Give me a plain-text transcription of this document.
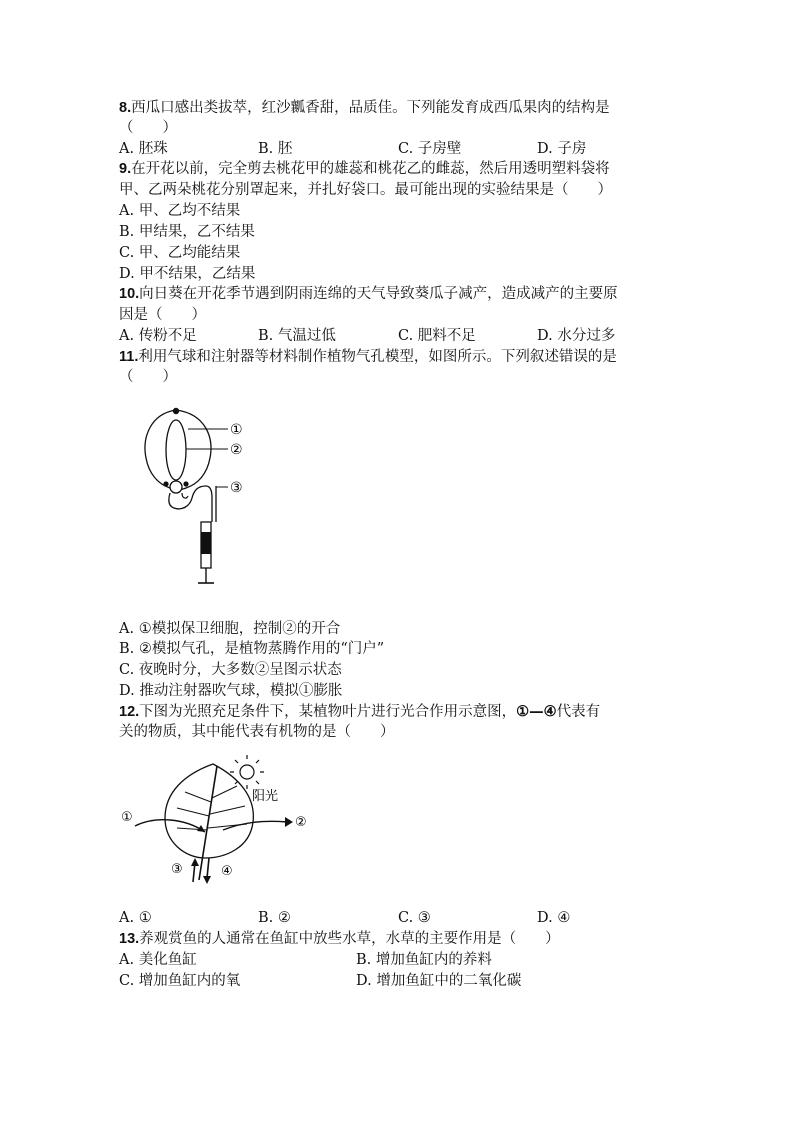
8.西瓜口感出类拔萃，红沙瓤香甜，品质佳。下列能发育成西瓜果肉的结构是
（　　）
A. 胚珠	B. 胚	C. 子房壁	D. 子房
9.在开花以前，完全剪去桃花甲的雄蕊和桃花乙的雌蕊，然后用透明塑料袋将
甲、乙两朵桃花分别罩起来，并扎好袋口。最可能出现的实验结果是（　　）
A. 甲、乙均不结果
B. 甲结果，乙不结果
C. 甲、乙均能结果
D. 甲不结果，乙结果
10.向日葵在开花季节遇到阴雨连绵的天气导致葵瓜子减产，造成减产的主要原
因是（　　）
A. 传粉不足	B. 气温过低	C. 肥料不足	D. 水分过多
11.利用气球和注射器等材料制作植物气孔模型，如图所示。下列叙述错误的是
（　　）
①
②
③
A. ①模拟保卫细胞，控制②的开合
B. ②模拟气孔，是植物蒸腾作用的“门户”
C. 夜晚时分，大多数②呈图示状态
D. 推动注射器吹气球，模拟①膨胀
12.下图为光照充足条件下，某植物叶片进行光合作用示意图，①—④代表有
关的物质，其中能代表有机物的是（　　）
阳光
①	②
③	④
A. ①	B. ②	C. ③	D. ④
13.养观赏鱼的人通常在鱼缸中放些水草，水草的主要作用是（　　）
A. 美化鱼缸	B. 增加鱼缸内的养料
C. 增加鱼缸内的氧	D. 增加鱼缸中的二氧化碳
